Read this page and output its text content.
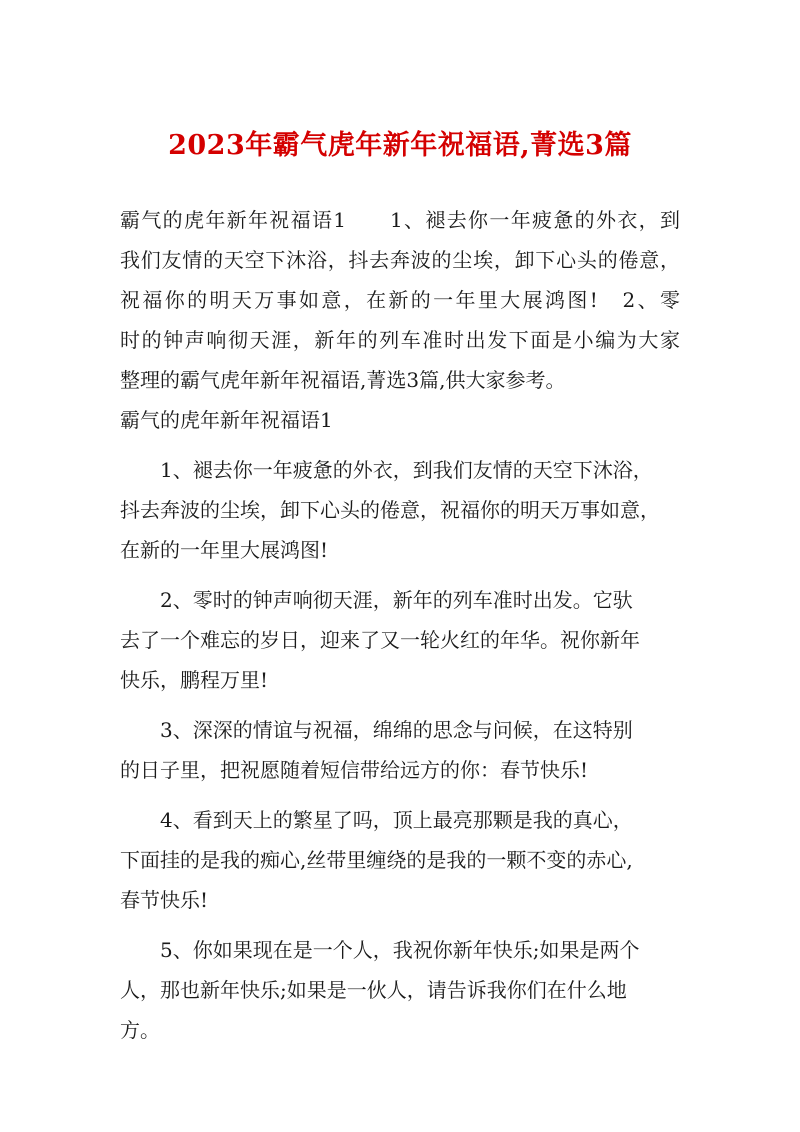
2023年霸气虎年新年祝福语,菁选3篇

霸气的虎年新年祝福语1　　1、褪去你一年疲惫的外衣，到

我们友情的天空下沐浴，抖去奔波的尘埃，卸下心头的倦意，

祝福你的明天万事如意，在新的一年里大展鸿图!　2、零

时的钟声响彻天涯，新年的列车准时出发下面是小编为大家

整理的霸气虎年新年祝福语,菁选3篇,供大家参考。

霸气的虎年新年祝福语1

1、褪去你一年疲惫的外衣，到我们友情的天空下沐浴，
抖去奔波的尘埃，卸下心头的倦意，祝福你的明天万事如意，
在新的一年里大展鸿图!
2、零时的钟声响彻天涯，新年的列车准时出发。它驮
去了一个难忘的岁日，迎来了又一轮火红的年华。祝你新年
快乐，鹏程万里!
3、深深的情谊与祝福，绵绵的思念与问候，在这特别
的日子里，把祝愿随着短信带给远方的你：春节快乐!
4、看到天上的繁星了吗，顶上最亮那颗是我的真心，
下面挂的是我的痴心,丝带里缠绕的是我的一颗不变的赤心,
春节快乐!
5、你如果现在是一个人，我祝你新年快乐;如果是两个
人，那也新年快乐;如果是一伙人，请告诉我你们在什么地
方。
